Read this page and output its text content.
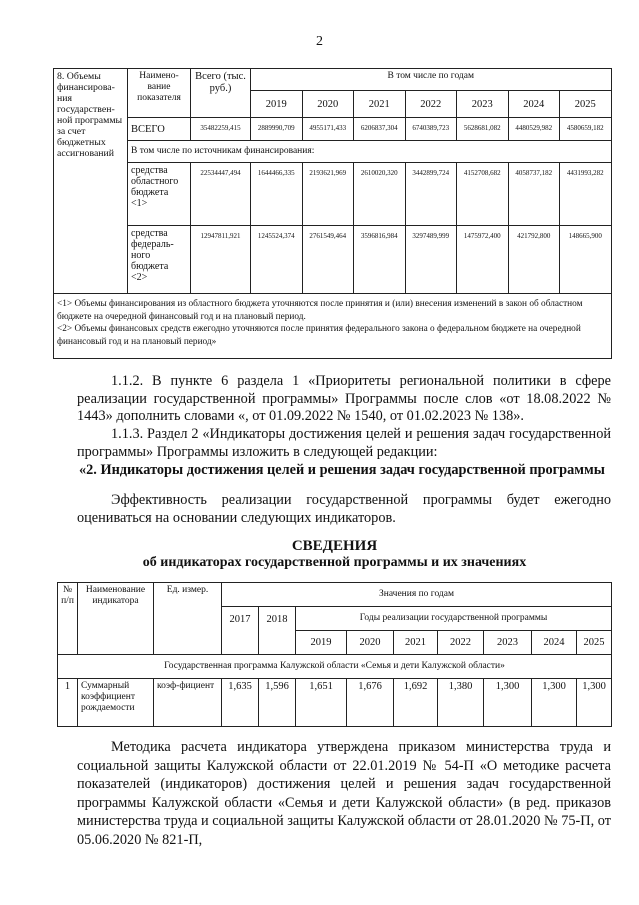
2
8. Объемы финансирова-ния государствен-ной программы за счет бюджетных ассигнований	Наимено-вание показателя	Всего (тыс. руб.)	В том числе по годам						
			2019	2020	2021	2022	2023	2024	2025
	ВСЕГО	35482259,415	2889990,709	4955171,433	6206837,304	6740389,723	5628681,082	4480529,982	4580659,182
	В том числе по источникам финансирования:								
	средства областного бюджета <1>	22534447,494	1644466,335	2193621,969	2610020,320	3442899,724	4152708,682	4058737,182	4431993,282
	средства федераль-ного бюджета <2>	12947811,921	1245524,374	2761549,464	3596816,984	3297489,999	1475972,400	421792,800	148665,900

<1> Объемы финансирования из областного бюджета уточняются после принятия и (или) внесения изменений в закон об областном бюджете на очередной финансовый год и на плановый период.
<2> Объемы финансовых средств ежегодно уточняются после принятия федерального закона о федеральном бюджете на очередной финансовый год и на плановый период»									
1.1.2. В пункте 6 раздела 1 «Приоритеты региональной политики в сфере реализации государственной программы» Программы после слов «от 18.08.2022 № 1443» дополнить словами «, от 01.09.2022 № 1540, от 01.02.2023 № 138».
1.1.3. Раздел 2 «Индикаторы достижения целей и решения задач государственной программы» Программы изложить в следующей редакции:
«2. Индикаторы достижения целей и решения задач государственной программы
Эффективность реализации государственной программы будет ежегодно оцениваться на основании следующих индикаторов.
СВЕДЕНИЯ
об индикаторах государственной программы и их значениях
№ п/п	Наименование индикатора	Ед. измер.	Значения по годам								
			2017	2018	Годы реализации государственной программы						
					2019	2020	2021	2022	2023	2024	2025
Государственная программа Калужской области «Семья и дети Калужской области»											
1	Суммарный коэффициент рождаемости	коэф-фициент	1,635	1,596	1,651	1,676	1,692	1,380	1,300	1,300	1,300
Методика расчета индикатора утверждена приказом министерства труда и социальной защиты Калужской области от 22.01.2019 № 54-П «О методике расчета показателей (индикаторов) достижения целей и решения задач государственной программы Калужской области «Семья и дети Калужской области» (в ред. приказов министерства труда и социальной защиты Калужской области от 28.01.2020 № 75-П, от 05.06.2020 № 821-П,
